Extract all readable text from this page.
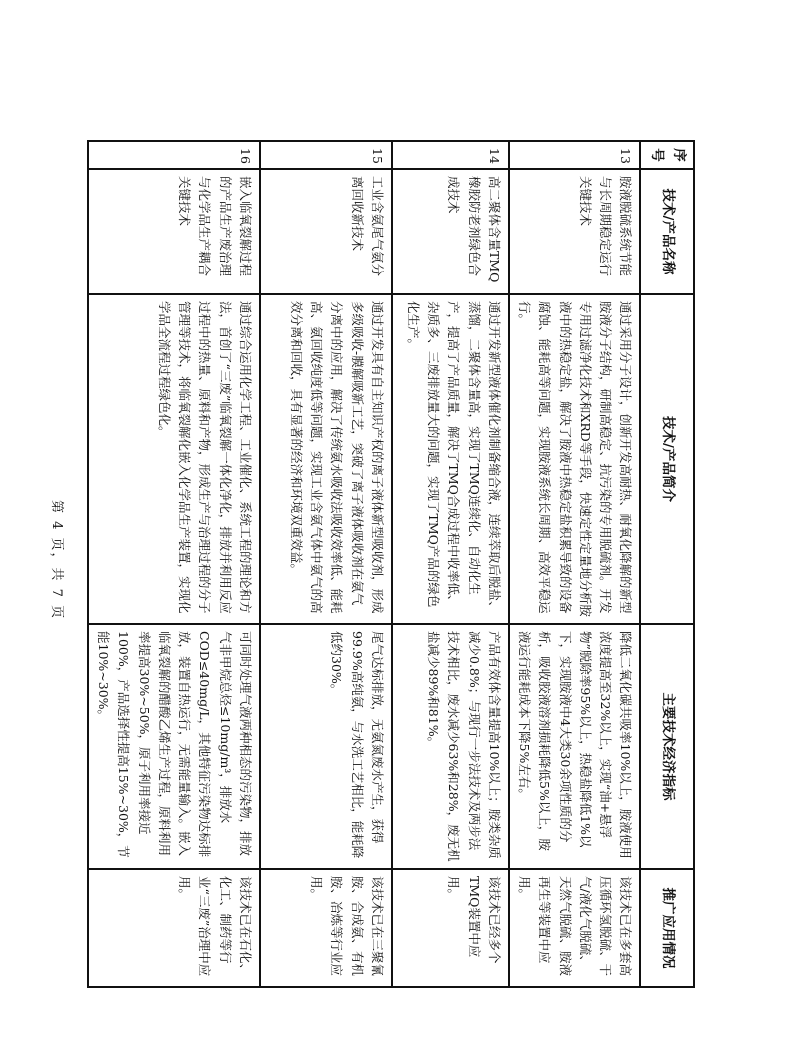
序号	技术/产品名称	技术/产品简介	主要技术经济指标	推广应用情况
13	胺液脱硫系统节能与长周期稳定运行关键技术	通过采用分子设计，创新开发高耐热、耐氧化降解的新型胺液分子结构，研制高稳定、抗污染的专用脱硫剂。开发专用过滤净化技术和XRD等手段，快速定性定量地分析胺液中的热稳定盐，解决了胺液中热稳定盐积累导致的设备腐蚀、能耗高等问题，实现胺液系统长周期、高效平稳运行。	降低二氧化碳共吸率10%以上，胺液使用浓度提高至32%以上，实现“油+悬浮物”脱除率95%以上，热稳盐降低1%以下，实现胺液中4大类30余项性质的分析，吸收胶液溶剂损耗降低5%以上，胺液运行能耗成本下降5%左右。	该技术已在多套高压循环氢脱硫、干气/液化气脱硫、天然气脱硫、胺液再生等装置中应用。
14	高二聚体含量TMQ橡胶防老剂绿色合成技术	通过开发新型液体催化剂制备缩合液，连续萃取后脱盐、蒸馏，二聚体含量高，实现了TMQ连续化、自动化生产，提高了产品质量，解决了TMQ合成过程中收率低、杂质多、三废排放量大的问题，实现了TMQ产品的绿色化生产。	产品有效体含量提高10%以上；胺类杂质减少0.8%；与现行一步法技术及两步法技术相比，废水减少63%和28%，废无机盐减少89%和81%。	该技术已经多个TMQ装置中应用。
15	工业含氨尾气氨分离回收新技术	通过开发具有自主知识产权的离子液体新型吸收剂，形成多级吸收-膜解吸新工艺，突破了离子液体吸收剂在氨气分离中的应用，解决了传统氨水吸收法吸收效率低、能耗高、氨回收纯度低等问题，实现工业含氨气体中氨气的高效分离和回收，具有显著的经济和环境双重效益。	尾气达标排放，无氨氮废水产生，获得99.9%高纯氨，与水洗工艺相比，能耗降低约30%。	该技术已在三聚氰胺、合成氨、有机胺、冶炼等行业应用。
16	嵌入临氧裂解过程的产品生产废治理与化学品生产耦合关键技术	通过综合运用化学工程、工业催化、系统工程的理论和方法，首创了“三废”临氧裂解一体化净化，排放并利用反应过程中的热量、原料和产物，形成生产与治理过程的分子管理等技术，将临氧裂解化嵌入化学品生产装置，实现化学品全流程过程绿色化。	可同时处理气液两种相态的污染物，排放气非甲烷总烃≤10mg/m³，排放水COD≤40mg/L，其他特征污染物达标排放，装置自热运行，无需能量输入。嵌入临氧裂解的醋酸乙烯生产过程，原料利用率提高30%~50%，原子利用率接近100%，产品选择性提高15%~30%，节能10%~30%。	该技术已在石化、化工、制药等行业“三废”治理中应用。
第 4 页，共 7 页
